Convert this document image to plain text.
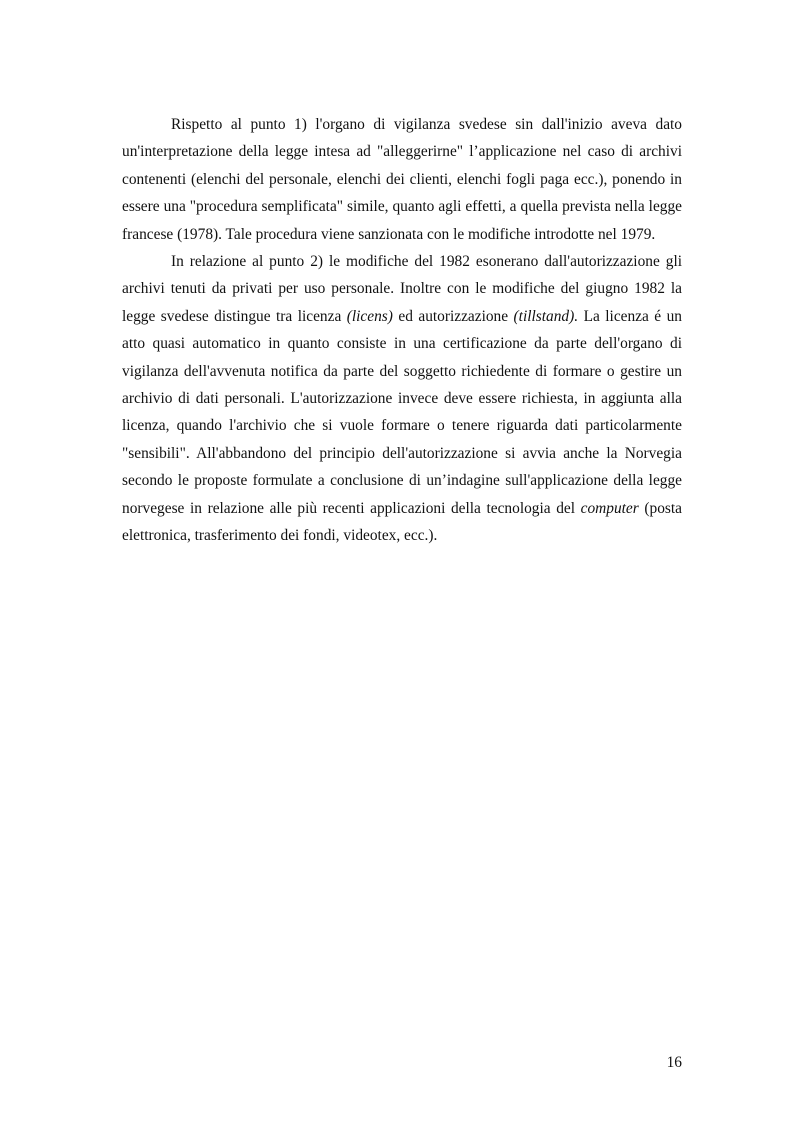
Rispetto al punto 1) l'organo di vigilanza svedese sin dall'inizio aveva dato un'interpretazione della legge intesa ad "alleggerirne" l’applicazione nel caso di archivi contenenti (elenchi del personale, elenchi dei clienti, elenchi fogli paga ecc.), ponendo in essere una "procedura semplificata" simile, quanto agli effetti, a quella prevista nella legge francese (1978). Tale procedura viene sanzionata con le modifiche introdotte nel 1979.

In relazione al punto 2) le modifiche del 1982 esonerano dall'autorizzazione gli archivi tenuti da privati per uso personale. Inoltre con le modifiche del giugno 1982 la legge svedese distingue tra licenza (licens) ed autorizzazione (tillstand). La licenza é un atto quasi automatico in quanto consiste in una certificazione da parte dell'organo di vigilanza dell'avvenuta notifica da parte del soggetto richiedente di formare o gestire un archivio di dati personali. L'autorizzazione invece deve essere richiesta, in aggiunta alla licenza, quando l'archivio che si vuole formare o tenere riguarda dati particolarmente "sensibili". All'abbandono del principio dell'autorizzazione si avvia anche la Norvegia secondo le proposte formulate a conclusione di un’indagine sull'applicazione della legge norvegese in relazione alle più recenti applicazioni della tecnologia del computer (posta elettronica, trasferimento dei fondi, videotex, ecc.).

16
